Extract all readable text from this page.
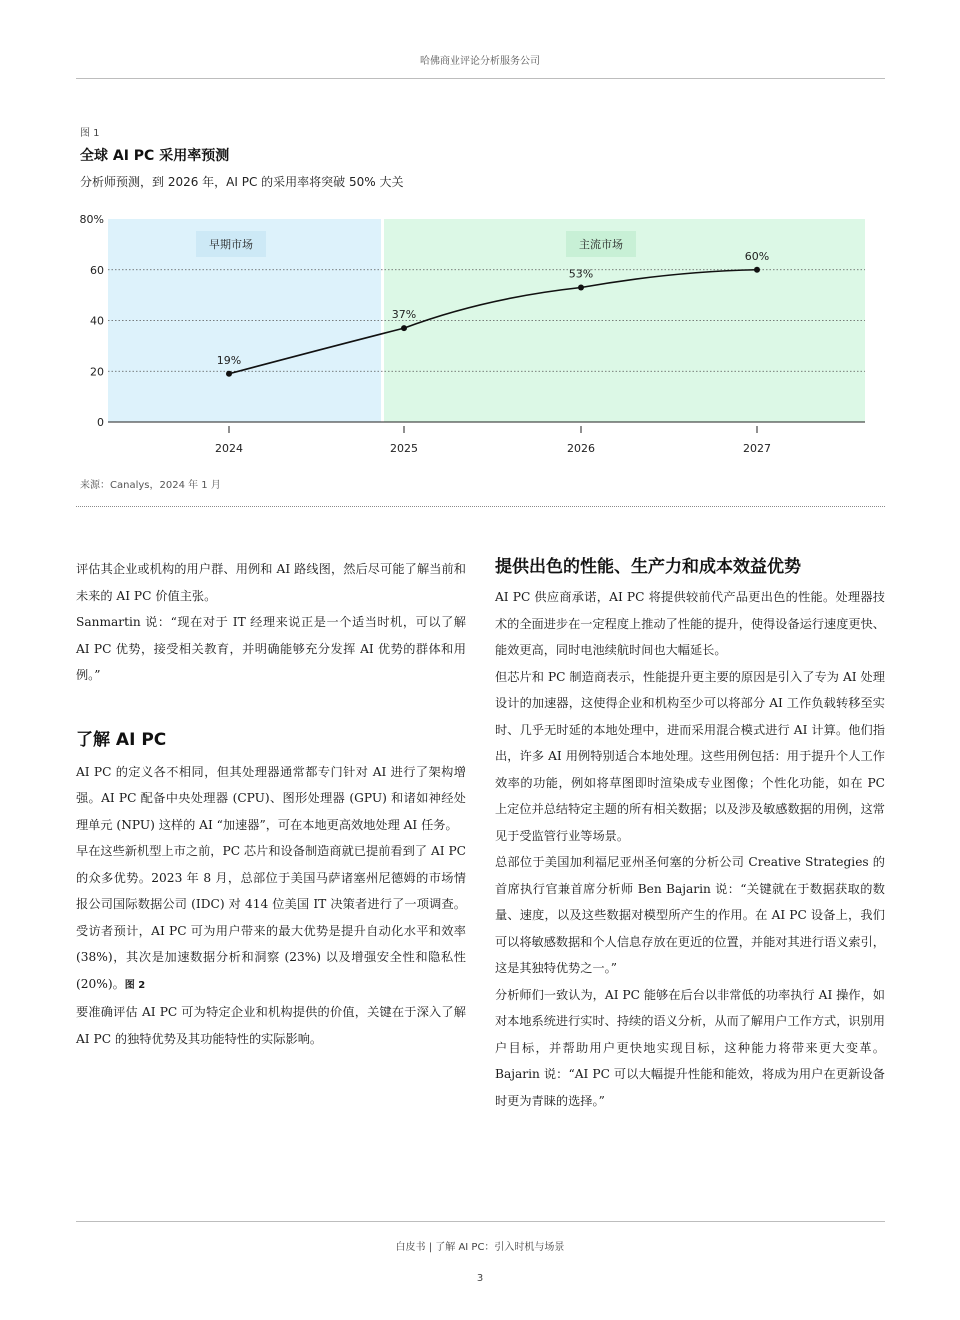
哈佛商业评论分析服务公司
图 1
全球 AI PC 采用率预测
分析师预测，到 2026 年，AI PC 的采用率将突破 50% 大关
早期市场	主流市场
0
20
40
60
80%
2024	2025	2026	2027
19%
37%
53%
60%
来源：Canalys，2024 年 1 月

评估其企业或机构的用户群、用例和 AI 路线图，然后尽可能了解当前和未来的 AI PC 价值主张。

Sanmartin 说：“现在对于 IT 经理来说正是一个适当时机，可以了解 AI PC 优势，接受相关教育，并明确能够充分发挥 AI 优势的群体和用例。”

了解 AI PC

AI PC 的定义各不相同，但其处理器通常都专门针对 AI 进行了架构增强。AI PC 配备中央处理器 (CPU)、图形处理器 (GPU) 和诸如神经处理单元 (NPU) 这样的 AI “加速器”，可在本地更高效地处理 AI 任务。

早在这些新机型上市之前，PC 芯片和设备制造商就已提前看到了 AI PC 的众多优势。2023 年 8 月，总部位于美国马萨诸塞州尼德姆的市场情报公司国际数据公司 (IDC) 对 414 位美国 IT 决策者进行了一项调查。受访者预计，AI PC 可为用户带来的最大优势是提升自动化水平和效率 (38%)，其次是加速数据分析和洞察 (23%) 以及增强安全性和隐私性 (20%)。图 2

要准确评估 AI PC 可为特定企业和机构提供的价值，关键在于深入了解 AI PC 的独特优势及其功能特性的实际影响。

提供出色的性能、生产力和成本效益优势

AI PC 供应商承诺，AI PC 将提供较前代产品更出色的性能。处理器技术的全面进步在一定程度上推动了性能的提升，使得设备运行速度更快、能效更高，同时电池续航时间也大幅延长。

但芯片和 PC 制造商表示，性能提升更主要的原因是引入了专为 AI 处理设计的加速器，这使得企业和机构至少可以将部分 AI 工作负载转移至实时、几乎无时延的本地处理中，进而采用混合模式进行 AI 计算。他们指出，许多 AI 用例特别适合本地处理。这些用例包括：用于提升个人工作效率的功能，例如将草图即时渲染成专业图像；个性化功能，如在 PC 上定位并总结特定主题的所有相关数据；以及涉及敏感数据的用例，这常见于受监管行业等场景。

总部位于美国加利福尼亚州圣何塞的分析公司 Creative Strategies 的首席执行官兼首席分析师 Ben Bajarin 说：“关键就在于数据获取的数量、速度，以及这些数据对模型所产生的作用。在 AI PC 设备上，我们可以将敏感数据和个人信息存放在更近的位置，并能对其进行语义索引，这是其独特优势之一。”

分析师们一致认为，AI PC 能够在后台以非常低的功率执行 AI 操作，如对本地系统进行实时、持续的语义分析，从而了解用户工作方式，识别用户目标，并帮助用户更快地实现目标，这种能力将带来更大变革。Bajarin 说：“AI PC 可以大幅提升性能和能效，将成为用户在更新设备时更为青睐的选择。”

白皮书 | 了解 AI PC：引入时机与场景
3
